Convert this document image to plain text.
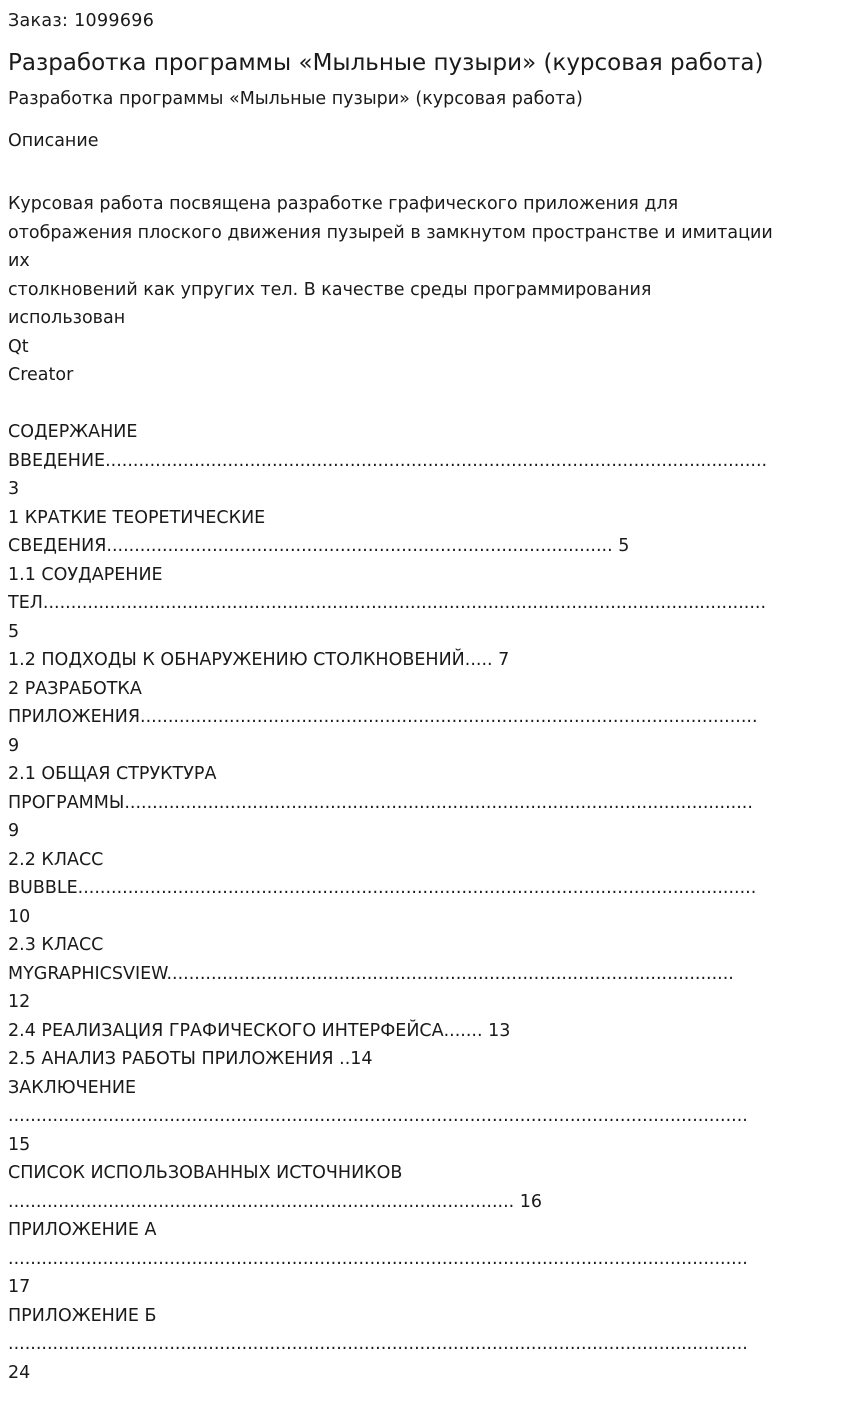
Заказ: 1099696
Разработка программы «Мыльные пузыри» (курсовая работа)
Разработка программы «Мыльные пузыри» (курсовая работа)
Описание
Курсовая работа посвящена разработке графического приложения для
отображения плоского движения пузырей в замкнутом пространстве и имитации
их
столкновений как упругих тел. В качестве среды программирования
использован
Qt
Creator
СОДЕРЖАНИЕ
ВВЕДЕНИЕ.......................................................................................................................
3
1 КРАТКИЕ ТЕОРЕТИЧЕСКИЕ
СВЕДЕНИЯ........................................................................................... 5
1.1 СОУДАРЕНИЕ
ТЕЛ..................................................................................................................................
5
1.2 ПОДХОДЫ К ОБНАРУЖЕНИЮ СТОЛКНОВЕНИЙ..... 7
2 РАЗРАБОТКА
ПРИЛОЖЕНИЯ...............................................................................................................
9
2.1 ОБЩАЯ СТРУКТУРА
ПРОГРАММЫ.................................................................................................................
9
2.2 КЛАСС
BUBBLE..........................................................................................................................
10
2.3 КЛАСС
MYGRAPHICSVIEW......................................................................................................
12
2.4 РЕАЛИЗАЦИЯ ГРАФИЧЕСКОГО ИНТЕРФЕЙСА....... 13
2.5 АНАЛИЗ РАБОТЫ ПРИЛОЖЕНИЯ ..14
ЗАКЛЮЧЕНИЕ
.....................................................................................................................................
15
СПИСОК ИСПОЛЬЗОВАННЫХ ИСТОЧНИКОВ
........................................................................................... 16
ПРИЛОЖЕНИЕ А
.....................................................................................................................................
17
ПРИЛОЖЕНИЕ Б
.....................................................................................................................................
24
